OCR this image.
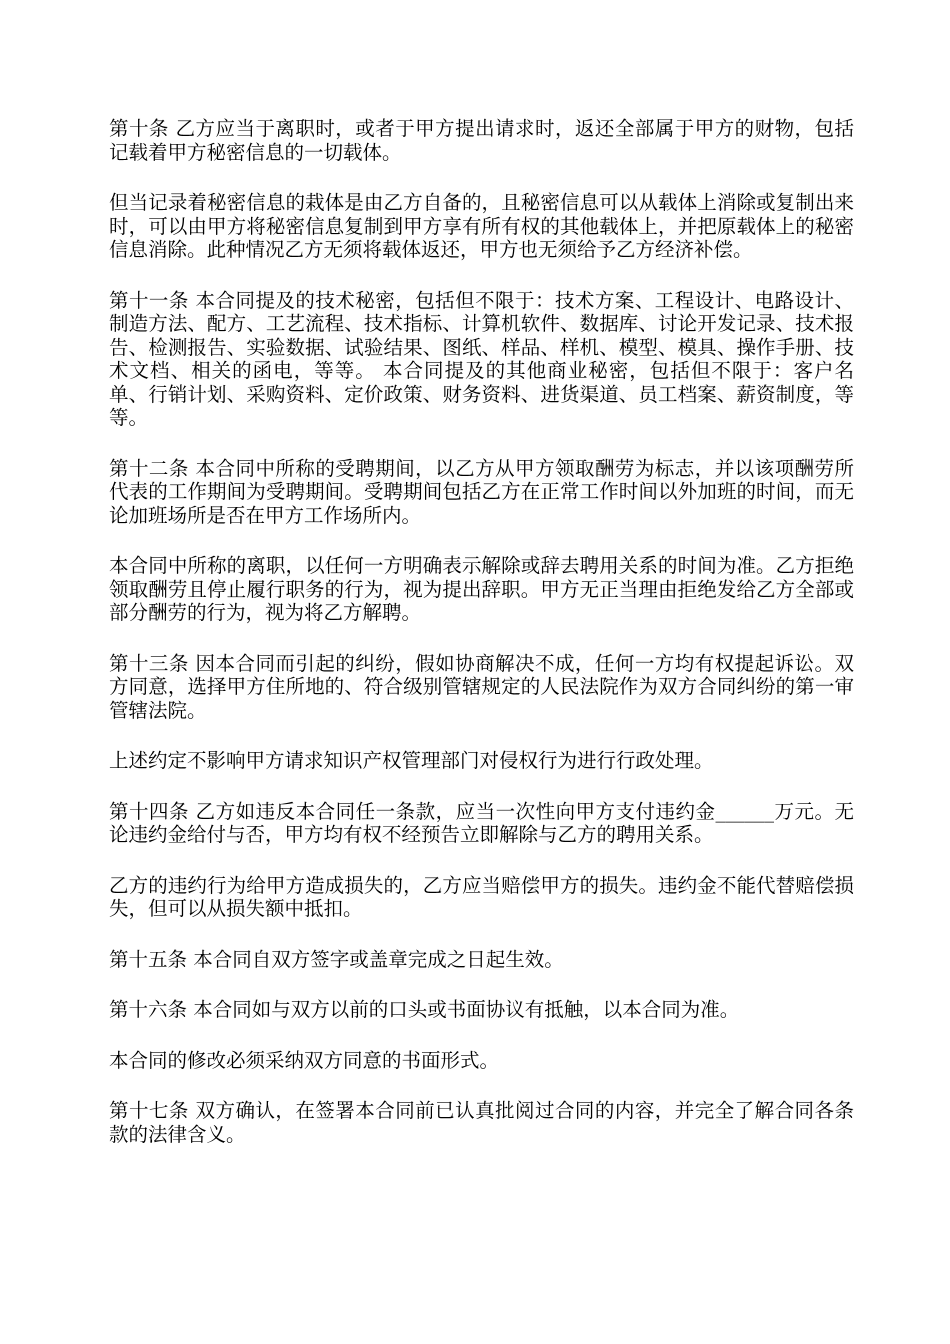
第十条 乙方应当于离职时，或者于甲方提出请求时，返还全部属于甲方的财物，包括记载着甲方秘密信息的一切载体。

但当记录着秘密信息的栽体是由乙方自备的，且秘密信息可以从载体上消除或复制出来时，可以由甲方将秘密信息复制到甲方享有所有权的其他载体上，并把原载体上的秘密信息消除。此种情况乙方无须将载体返还，甲方也无须给予乙方经济补偿。

第十一条 本合同提及的技术秘密，包括但不限于：技术方案、工程设计、电路设计、制造方法、配方、工艺流程、技术指标、计算机软件、数据库、讨论开发记录、技术报告、检测报告、实验数据、试验结果、图纸、样品、样机、模型、模具、操作手册、技术文档、相关的函电，等等。 本合同提及的其他商业秘密，包括但不限于：客户名单、行销计划、采购资料、定价政策、财务资料、进货渠道、员工档案、薪资制度，等等。

第十二条 本合同中所称的受聘期间，以乙方从甲方领取酬劳为标志，并以该项酬劳所代表的工作期间为受聘期间。受聘期间包括乙方在正常工作时间以外加班的时间，而无论加班场所是否在甲方工作场所内。

本合同中所称的离职，以任何一方明确表示解除或辞去聘用关系的时间为准。乙方拒绝领取酬劳且停止履行职务的行为，视为提出辞职。甲方无正当理由拒绝发给乙方全部或部分酬劳的行为，视为将乙方解聘。

第十三条 因本合同而引起的纠纷，假如协商解决不成，任何一方均有权提起诉讼。双方同意，选择甲方住所地的、符合级别管辖规定的人民法院作为双方合同纠纷的第一审管辖法院。

上述约定不影响甲方请求知识产权管理部门对侵权行为进行行政处理。

第十四条 乙方如违反本合同任一条款，应当一次性向甲方支付违约金______万元。无论违约金给付与否，甲方均有权不经预告立即解除与乙方的聘用关系。

乙方的违约行为给甲方造成损失的，乙方应当赔偿甲方的损失。违约金不能代替赔偿损失，但可以从损失额中抵扣。

第十五条 本合同自双方签字或盖章完成之日起生效。

第十六条 本合同如与双方以前的口头或书面协议有抵触，以本合同为准。

本合同的修改必须采纳双方同意的书面形式。

第十七条 双方确认，在签署本合同前已认真批阅过合同的内容，并完全了解合同各条款的法律含义。
